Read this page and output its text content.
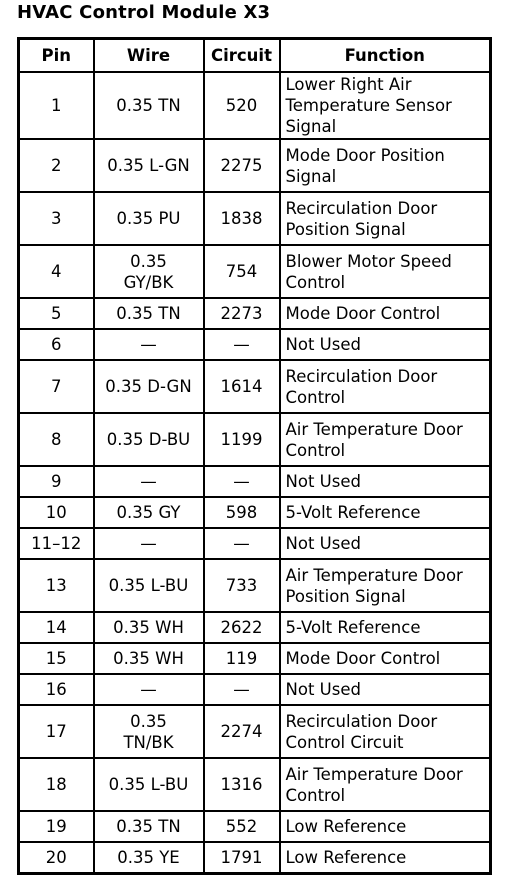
HVAC Control Module X3
Pin	Wire	Circuit	Function
1	0.35 TN	520	Lower Right Air Temperature Sensor Signal
2	0.35 L-GN	2275	Mode Door Position Signal
3	0.35 PU	1838	Recirculation Door Position Signal
4	0.35 GY/BK	754	Blower Motor Speed Control
5	0.35 TN	2273	Mode Door Control
6	—	—	Not Used
7	0.35 D-GN	1614	Recirculation Door Control
8	0.35 D-BU	1199	Air Temperature Door Control
9	—	—	Not Used
10	0.35 GY	598	5-Volt Reference
11–12	—	—	Not Used
13	0.35 L-BU	733	Air Temperature Door Position Signal
14	0.35 WH	2622	5-Volt Reference
15	0.35 WH	119	Mode Door Control
16	—	—	Not Used
17	0.35 TN/BK	2274	Recirculation Door Control Circuit
18	0.35 L-BU	1316	Air Temperature Door Control
19	0.35 TN	552	Low Reference
20	0.35 YE	1791	Low Reference
